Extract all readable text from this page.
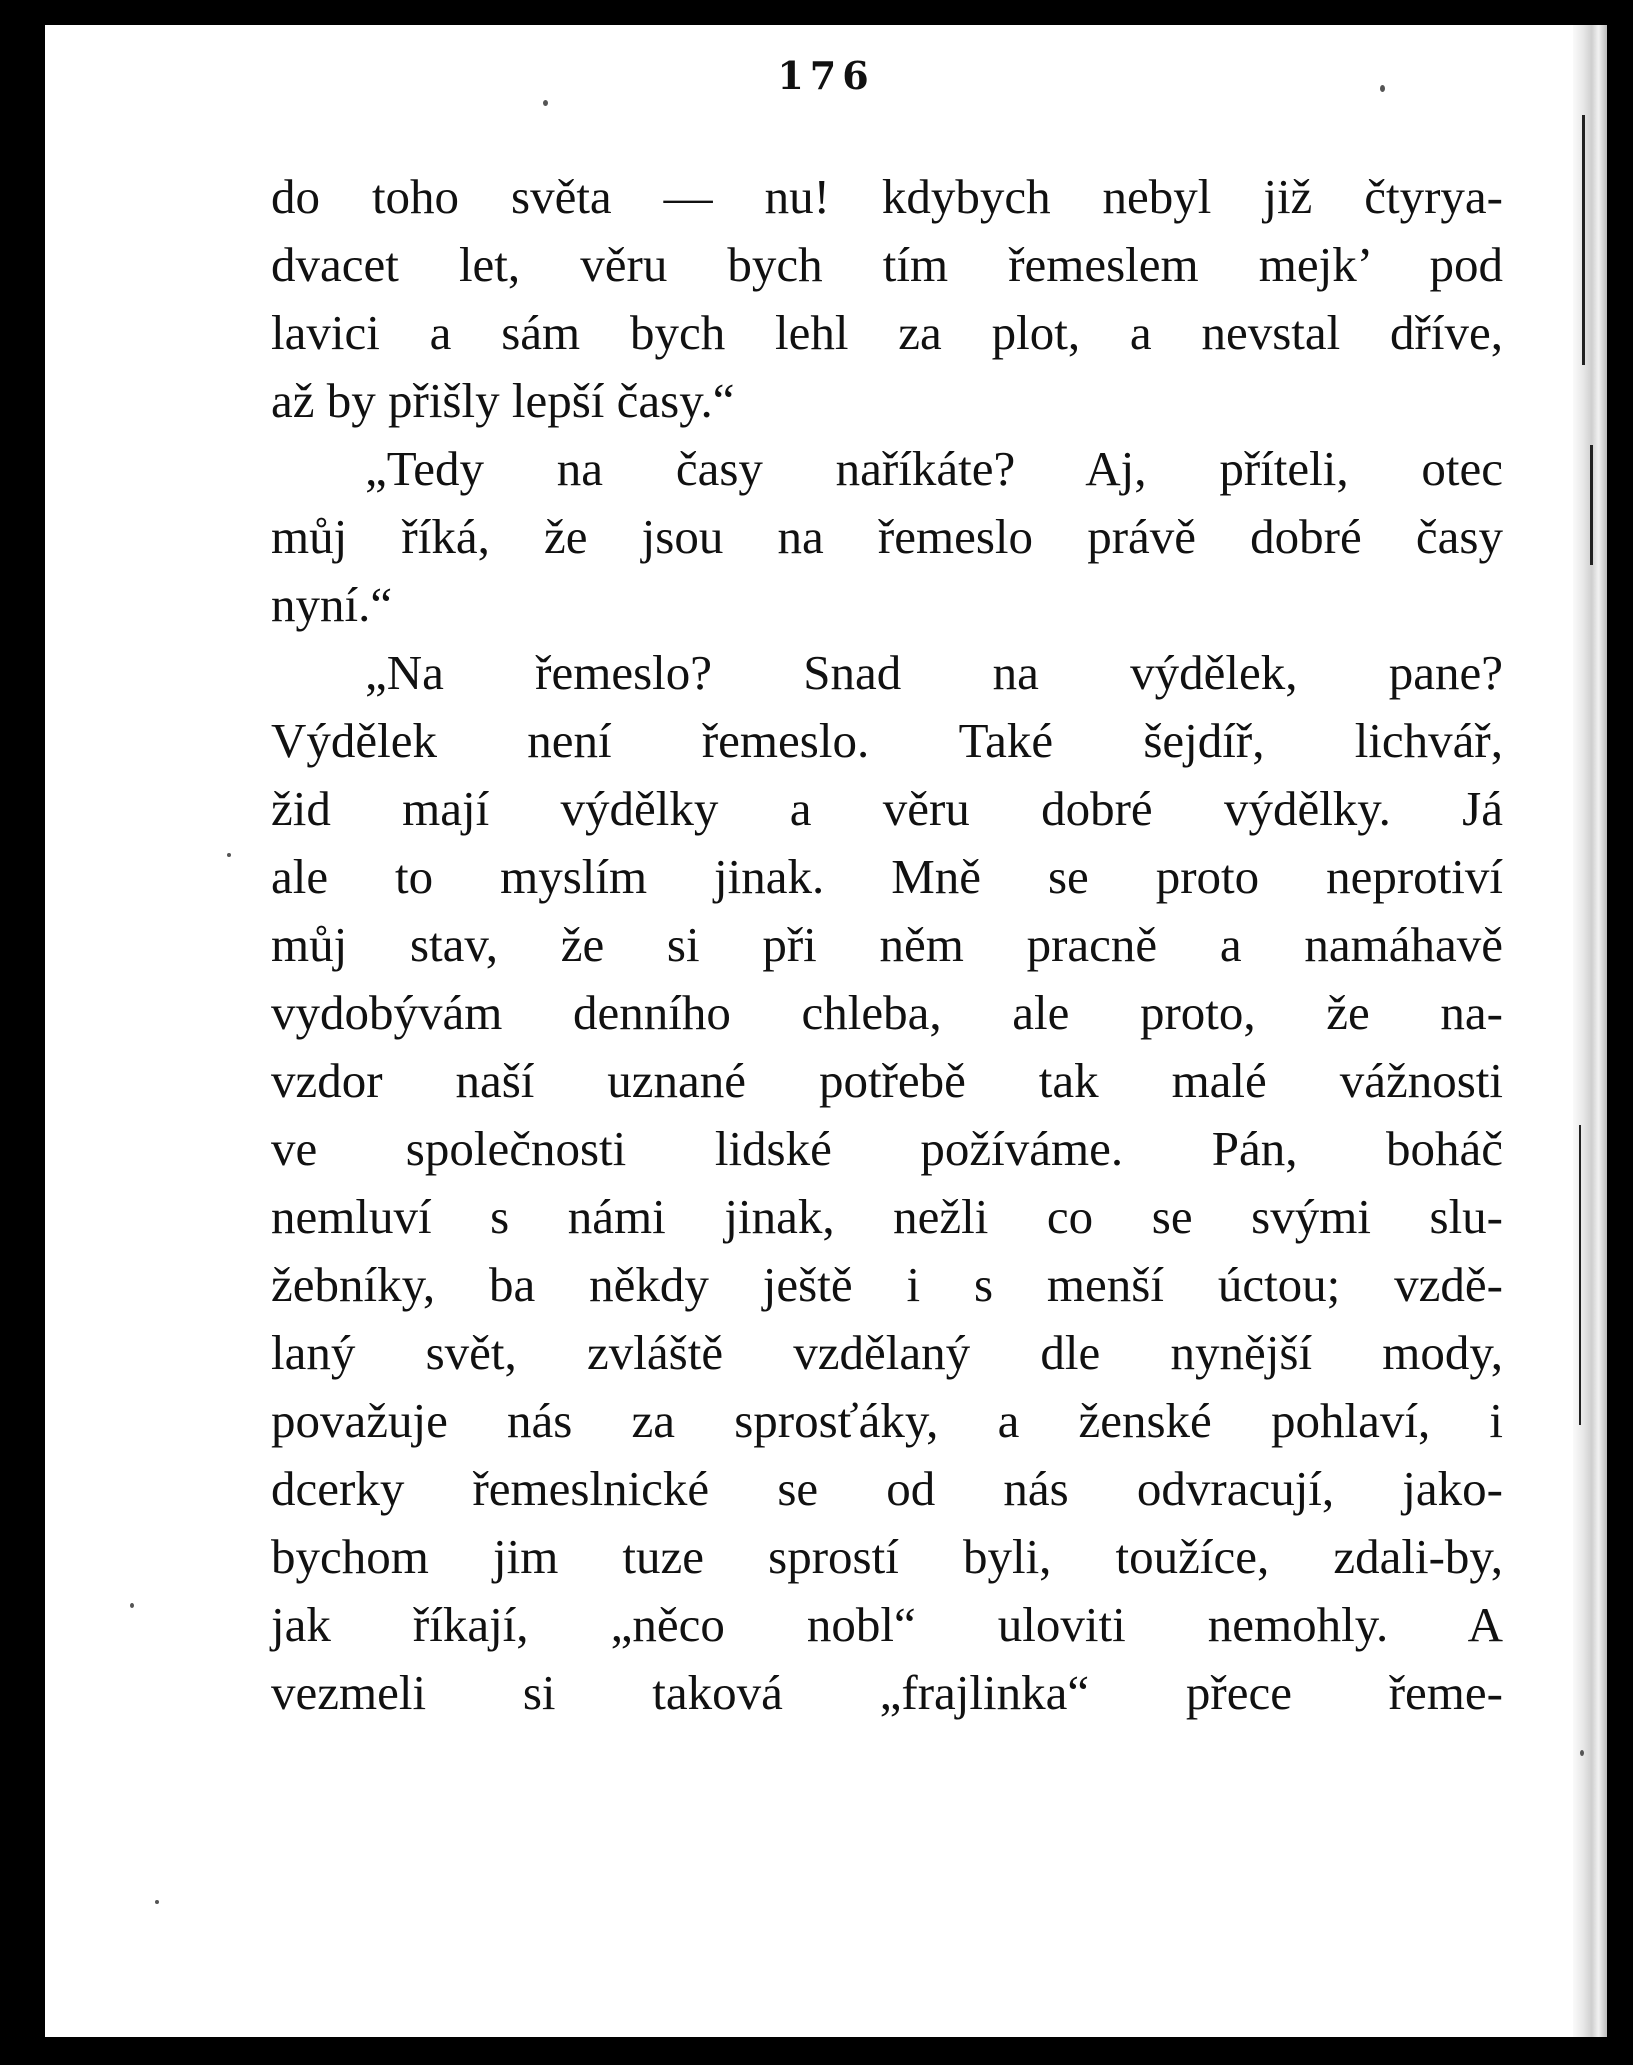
176
do toho světa — nu! kdybych nebyl již čtyrya-
dvacet let, věru bych tím řemeslem mejk’ pod
lavici a sám bych lehl za plot, a nevstal dříve,
až by přišly lepší časy.“
„Tedy na časy naříkáte? Aj, příteli, otec
můj říká, že jsou na řemeslo právě dobré časy
nyní.“
„Na řemeslo? Snad na výdělek, pane?
Výdělek není řemeslo. Také šejdíř, lichvář,
žid mají výdělky a věru dobré výdělky. Já
ale to myslím jinak. Mně se proto neprotiví
můj stav, že si při něm pracně a namáhavě
vydobývám denního chleba, ale proto, že na-
vzdor naší uznané potřebě tak malé vážnosti
ve společnosti lidské požíváme. Pán, boháč
nemluví s námi jinak, nežli co se svými slu-
žebníky, ba někdy ještě i s menší úctou; vzdě-
laný svět, zvláště vzdělaný dle nynější mody,
považuje nás za sprosťáky, a ženské pohlaví, i
dcerky řemeslnické se od nás odvracují, jako-
bychom jim tuze sprostí byli, toužíce, zdali-by,
jak říkají, „něco nobl“ uloviti nemohly. A
vezmeli si taková „frajlinka“ přece řeme-
